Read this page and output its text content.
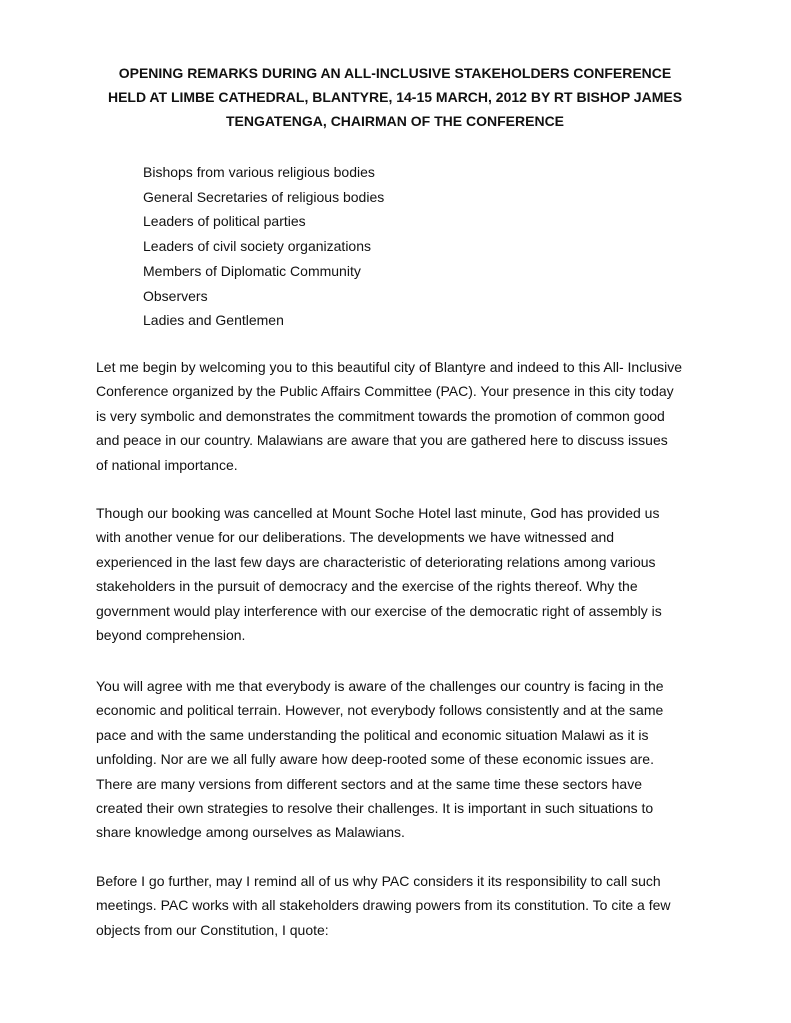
OPENING REMARKS DURING AN ALL-INCLUSIVE STAKEHOLDERS CONFERENCE
HELD AT LIMBE CATHEDRAL, BLANTYRE, 14-15 MARCH, 2012 BY RT BISHOP JAMES
TENGATENGA, CHAIRMAN OF THE CONFERENCE
Bishops from various religious bodies
General Secretaries of religious bodies
Leaders of political parties
Leaders of civil society organizations
Members of Diplomatic Community
Observers
Ladies and Gentlemen

Let me begin by welcoming you to this beautiful city of Blantyre and indeed to this All- Inclusive
Conference organized by the Public Affairs Committee (PAC). Your presence in this city today
is very symbolic and demonstrates the commitment towards the promotion of common good
and peace in our country. Malawians are aware that you are gathered here to discuss issues
of national importance.

Though our booking was cancelled at Mount Soche Hotel last minute, God has provided us
with another venue for our deliberations. The developments we have witnessed and
experienced in the last few days are characteristic of deteriorating relations among various
stakeholders in the pursuit of democracy and the exercise of the rights thereof. Why the
government would play interference with our exercise of the democratic right of assembly is
beyond comprehension.

You will agree with me that everybody is aware of the challenges our country is facing in the
economic and political terrain. However, not everybody follows consistently and at the same
pace and with the same understanding the political and economic situation Malawi as it is
unfolding. Nor are we all fully aware how deep-rooted some of these economic issues are.
There are many versions from different sectors and at the same time these sectors have
created their own strategies to resolve their challenges. It is important in such situations to
share knowledge among ourselves as Malawians.

Before I go further, may I remind all of us why PAC considers it its responsibility to call such
meetings. PAC works with all stakeholders drawing powers from its constitution. To cite a few
objects from our Constitution, I quote:
